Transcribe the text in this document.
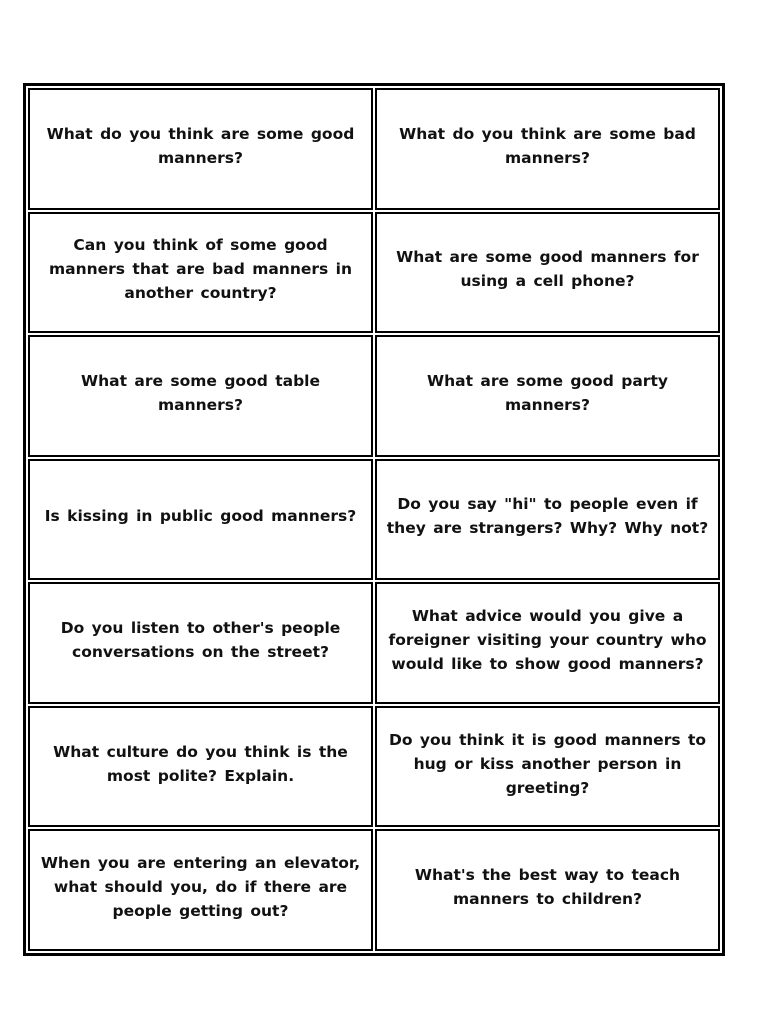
What do you think are some good manners?
What do you think are some bad manners?
Can you think of some good manners that are bad manners in another country?
What are some good manners for using a cell phone?
What are some good table manners?
What are some good party manners?
Is kissing in public good manners?
Do you say "hi" to people even if they are strangers? Why? Why not?
Do you listen to other's people conversations on the street?
What advice would you give a foreigner visiting your country who would like to show good manners?
What culture do you think is the most polite? Explain.
Do you think it is good manners to hug or kiss another person in greeting?
When you are entering an elevator, what should you, do if there are people getting out?
What's the best way to teach manners to children?
